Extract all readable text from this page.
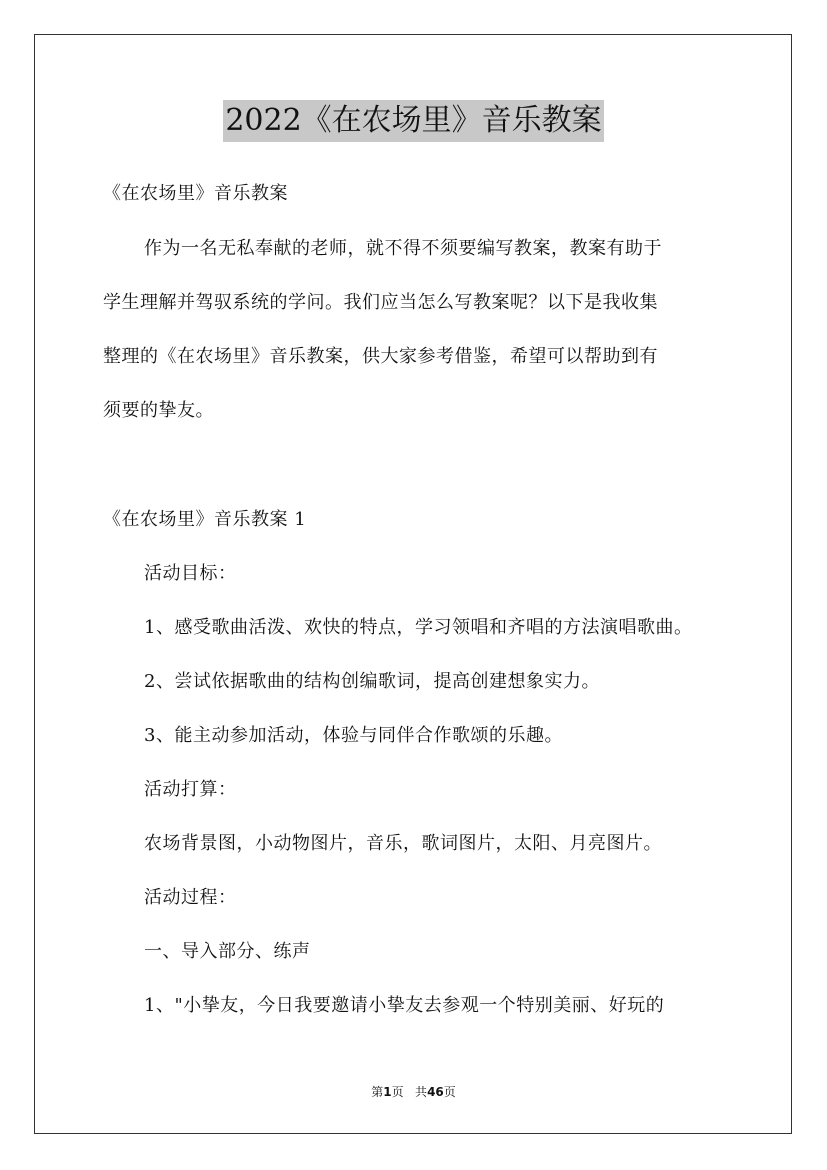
2022《在农场里》音乐教案
《在农场里》音乐教案
作为一名无私奉献的老师，就不得不须要编写教案，教案有助于
学生理解并驾驭系统的学问。我们应当怎么写教案呢？以下是我收集
整理的《在农场里》音乐教案，供大家参考借鉴，希望可以帮助到有
须要的挚友。
《在农场里》音乐教案 1
活动目标：
1、感受歌曲活泼、欢快的特点，学习领唱和齐唱的方法演唱歌曲。
2、尝试依据歌曲的结构创编歌词，提高创建想象实力。
3、能主动参加活动，体验与同伴合作歌颂的乐趣。
活动打算：
农场背景图，小动物图片，音乐，歌词图片，太阳、月亮图片。
活动过程：
一、导入部分、练声
1、"小挚友，今日我要邀请小挚友去参观一个特别美丽、好玩的
第1页 共46页
